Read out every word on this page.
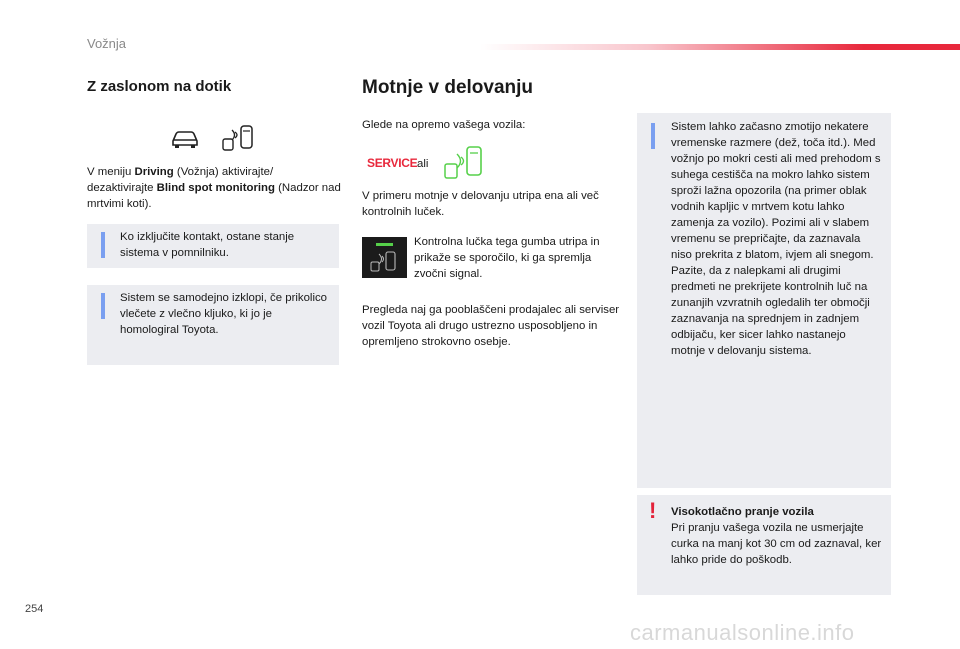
Vožnja
Z zaslonom na dotik

V meniju Driving (Vožnja) aktivirajte/ dezaktivirajte Blind spot monitoring (Nadzor nad mrtvimi koti).

Ko izključite kontakt, ostane stanje sistema v pomnilniku.

Sistem se samodejno izklopi, če prikolico vlečete z vlečno kljuko, ki jo je homologiral Toyota.

Motnje v delovanju

Glede na opremo vašega vozila:

SERVICE ali

V primeru motnje v delovanju utripa ena ali več kontrolnih luček.

Kontrolna lučka tega gumba utripa in prikaže se sporočilo, ki ga spremlja zvočni signal.

Pregleda naj ga pooblaščeni prodajalec ali serviser vozil Toyota ali drugo ustrezno usposobljeno in opremljeno strokovno osebje.

Sistem lahko začasno zmotijo nekatere vremenske razmere (dež, toča itd.). Med vožnjo po mokri cesti ali med prehodom s suhega cestišča na mokro lahko sistem sproži lažna opozorila (na primer oblak vodnih kapljic v mrtvem kotu lahko zamenja za vozilo). Pozimi ali v slabem vremenu se prepričajte, da zaznavala niso prekrita z blatom, ivjem ali snegom. Pazite, da z nalepkami ali drugimi predmeti ne prekrijete kontrolnih luč na zunanjih vzvratnih ogledalih ter območji zaznavanja na sprednjem in zadnjem odbijaču, ker sicer lahko nastanejo motnje v delovanju sistema.

! Visokotlačno pranje vozila

Pri pranju vašega vozila ne usmerjajte curka na manj kot 30 cm od zaznaval, ker lahko pride do poškodb.

254
carmanualsonline.info
